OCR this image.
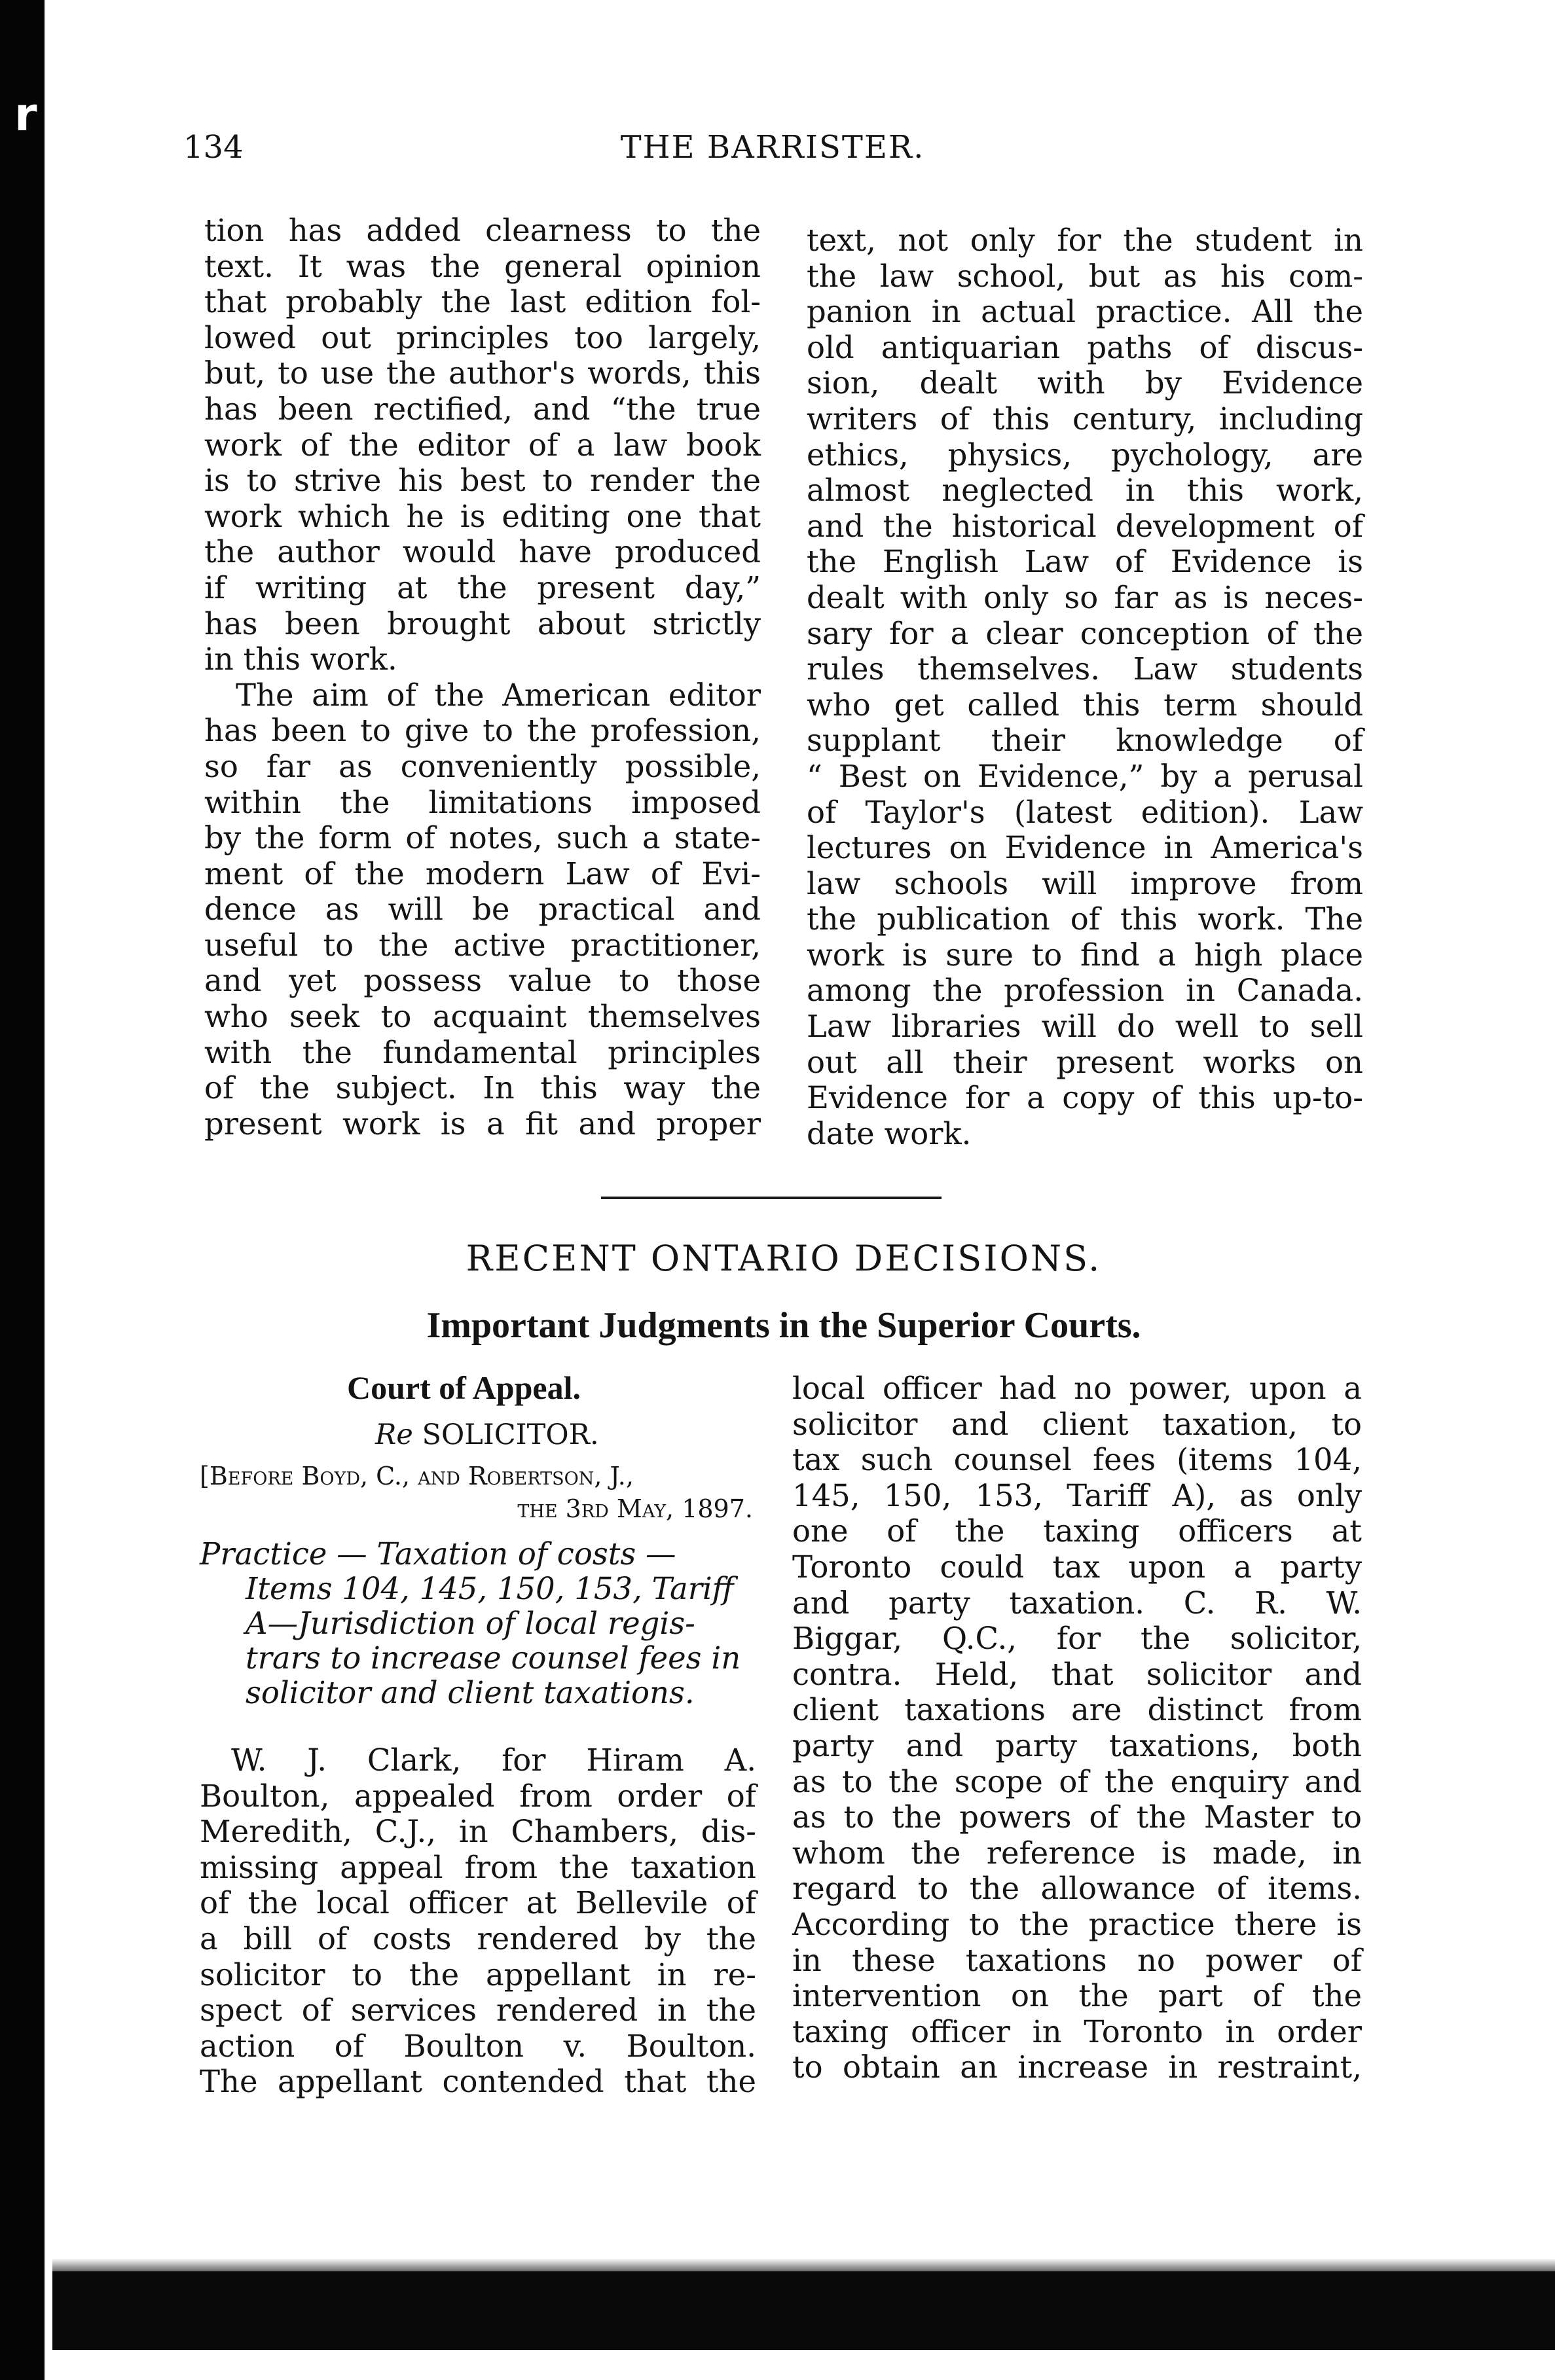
r
134	THE BARRISTER.

tion has added clearness to the

text. It was the general opinion

that probably the last edition fol-

lowed out principles too largely,

but, to use the author's words, this

has been rectified, and “the true

work of the editor of a law book

is to strive his best to render the

work which he is editing one that

the author would have produced

if writing at the present day,”

has been brought about strictly

in this work.

The aim of the American editor

has been to give to the profession,

so far as conveniently possible,

within the limitations imposed

by the form of notes, such a state-

ment of the modern Law of Evi-

dence as will be practical and

useful to the active practitioner,

and yet possess value to those

who seek to acquaint themselves

with the fundamental principles

of the subject. In this way the

present work is a fit and proper

text, not only for the student in

the law school, but as his com-

panion in actual practice. All the

old antiquarian paths of discus-

sion, dealt with by Evidence

writers of this century, including

ethics, physics, pychology, are

almost neglected in this work,

and the historical development of

the English Law of Evidence is

dealt with only so far as is neces-

sary for a clear conception of the

rules themselves. Law students

who get called this term should

supplant their knowledge of

“ Best on Evidence,” by a perusal

of Taylor's (latest edition). Law

lectures on Evidence in America's

law schools will improve from

the publication of this work. The

work is sure to find a high place

among the profession in Canada.

Law libraries will do well to sell

out all their present works on

Evidence for a copy of this up-to-

date work.

RECENT ONTARIO DECISIONS.
Important Judgments in the Superior Courts.
Court of Appeal.
Re SOLICITOR.
[Before Boyd, C., and Robertson, J.,
the 3rd May, 1897.

Practice — Taxation of costs —

Items 104, 145, 150, 153, Tariff

A—Jurisdiction of local regis-

trars to increase counsel fees in

solicitor and client taxations.

W. J. Clark, for Hiram A.

Boulton, appealed from order of

Meredith, C.J., in Chambers, dis-

missing appeal from the taxation

of the local officer at Bellevile of

a bill of costs rendered by the

solicitor to the appellant in re-

spect of services rendered in the

action of Boulton v. Boulton.

The appellant contended that the

local officer had no power, upon a

solicitor and client taxation, to

tax such counsel fees (items 104,

145, 150, 153, Tariff A), as only

one of the taxing officers at

Toronto could tax upon a party

and party taxation. C. R. W.

Biggar, Q.C., for the solicitor,

contra. Held, that solicitor and

client taxations are distinct from

party and party taxations, both

as to the scope of the enquiry and

as to the powers of the Master to

whom the reference is made, in

regard to the allowance of items.

According to the practice there is

in these taxations no power of

intervention on the part of the

taxing officer in Toronto in order

to obtain an increase in restraint,
